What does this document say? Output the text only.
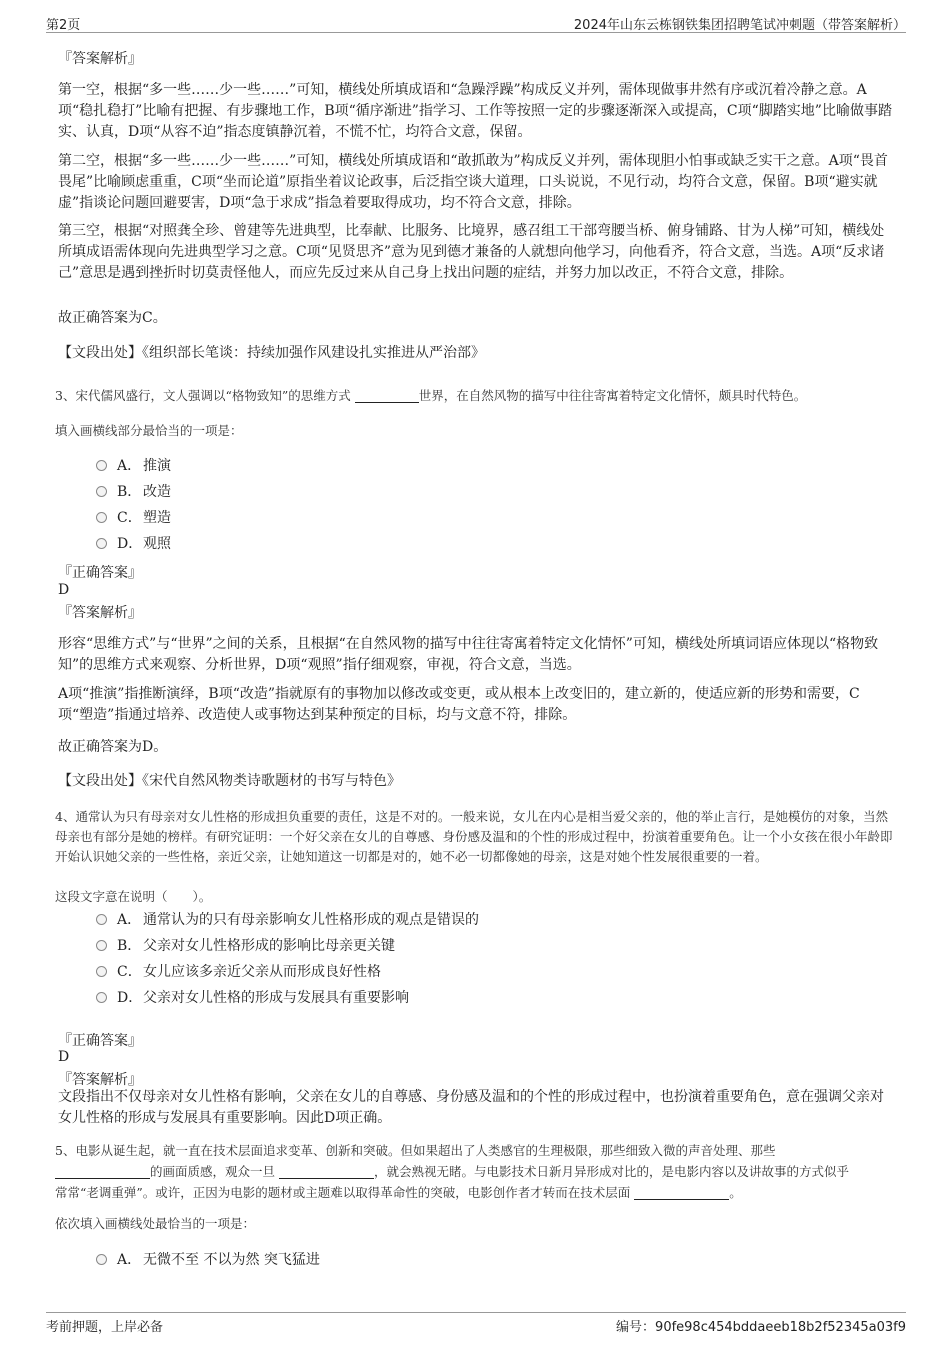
第2页	2024年山东云栋钢铁集团招聘笔试冲刺题（带答案解析）
『答案解析』

第一空，根据“多一些……少一些……”可知，横线处所填成语和“急躁浮躁”构成反义并列，需体现做事井然有序或沉着冷静之意。A项“稳扎稳打”比喻有把握、有步骤地工作，B项“循序渐进”指学习、工作等按照一定的步骤逐渐深入或提高，C项“脚踏实地”比喻做事踏实、认真，D项“从容不迫”指态度镇静沉着，不慌不忙，均符合文意，保留。

第二空，根据“多一些……少一些……”可知，横线处所填成语和“敢抓敢为”构成反义并列，需体现胆小怕事或缺乏实干之意。A项“畏首畏尾”比喻顾虑重重，C项“坐而论道”原指坐着议论政事，后泛指空谈大道理，口头说说，不见行动，均符合文意，保留。B项“避实就虚”指谈论问题回避要害，D项“急于求成”指急着要取得成功，均不符合文意，排除。

第三空，根据“对照龚全珍、曾建等先进典型，比奉献、比服务、比境界，感召组工干部弯腰当桥、俯身铺路、甘为人梯”可知，横线处所填成语需体现向先进典型学习之意。C项“见贤思齐”意为见到德才兼备的人就想向他学习，向他看齐，符合文意，当选。A项“反求诸己”意思是遇到挫折时切莫责怪他人，而应先反过来从自己身上找出问题的症结，并努力加以改正，不符合文意，排除。

故正确答案为C。

【文段出处】《组织部长笔谈：持续加强作风建设扎实推进从严治部》

3、宋代儒风盛行，文人强调以“格物致知”的思维方式	世界，在自然风物的描写中往往寄寓着特定文化情怀，颇具时代特色。

填入画横线部分最恰当的一项是：

A． 推演
B． 改造
C．塑造
D．观照
『正确答案』
D
『答案解析』

形容“思维方式”与“世界”之间的关系，且根据“在自然风物的描写中往往寄寓着特定文化情怀”可知，横线处所填词语应体现以“格物致知”的思维方式来观察、分析世界，D项“观照”指仔细观察，审视，符合文意，当选。

A项“推演”指推断演绎，B项“改造”指就原有的事物加以修改或变更，或从根本上改变旧的，建立新的，使适应新的形势和需要，C项“塑造”指通过培养、改造使人或事物达到某种预定的目标，均与文意不符，排除。

故正确答案为D。

【文段出处】《宋代自然风物类诗歌题材的书写与特色》

4、通常认为只有母亲对女儿性格的形成担负重要的责任，这是不对的。一般来说，女儿在内心是相当爱父亲的，他的举止言行，是她模仿的对象，当然母亲也有部分是她的榜样。有研究证明：一个好父亲在女儿的自尊感、身份感及温和的个性的形成过程中，扮演着重要角色。让一个小女孩在很小年龄即开始认识她父亲的一些性格，亲近父亲，让她知道这一切都是对的，她不必一切都像她的母亲，这是对她个性发展很重要的一着。

这段文字意在说明（　　）。

A． 通常认为的只有母亲影响女儿性格形成的观点是错误的
B． 父亲对女儿性格形成的影响比母亲更关键
C．女儿应该多亲近父亲从而形成良好性格
D．父亲对女儿性格的形成与发展具有重要影响
『正确答案』
D
『答案解析』

文段指出不仅母亲对女儿性格有影响，父亲在女儿的自尊感、身份感及温和的个性的形成过程中，也扮演着重要角色，意在强调父亲对女儿性格的形成与发展具有重要影响。因此D项正确。

5、电影从诞生起，就一直在技术层面追求变革、创新和突破。但如果超出了人类感官的生理极限，那些细致入微的声音处理、那些

的画面质感，观众一旦	，就会熟视无睹。与电影技术日新月异形成对比的，是电影内容以及讲故事的方式似乎

常常“老调重弹”。或许，正因为电影的题材或主题难以取得革命性的突破，电影创作者才转而在技术层面	。

依次填入画横线处最恰当的一项是：

A． 无微不至 不以为然 突飞猛进
考前押题，上岸必备	编号：90fe98c454bddaeeb18b2f52345a03f9
